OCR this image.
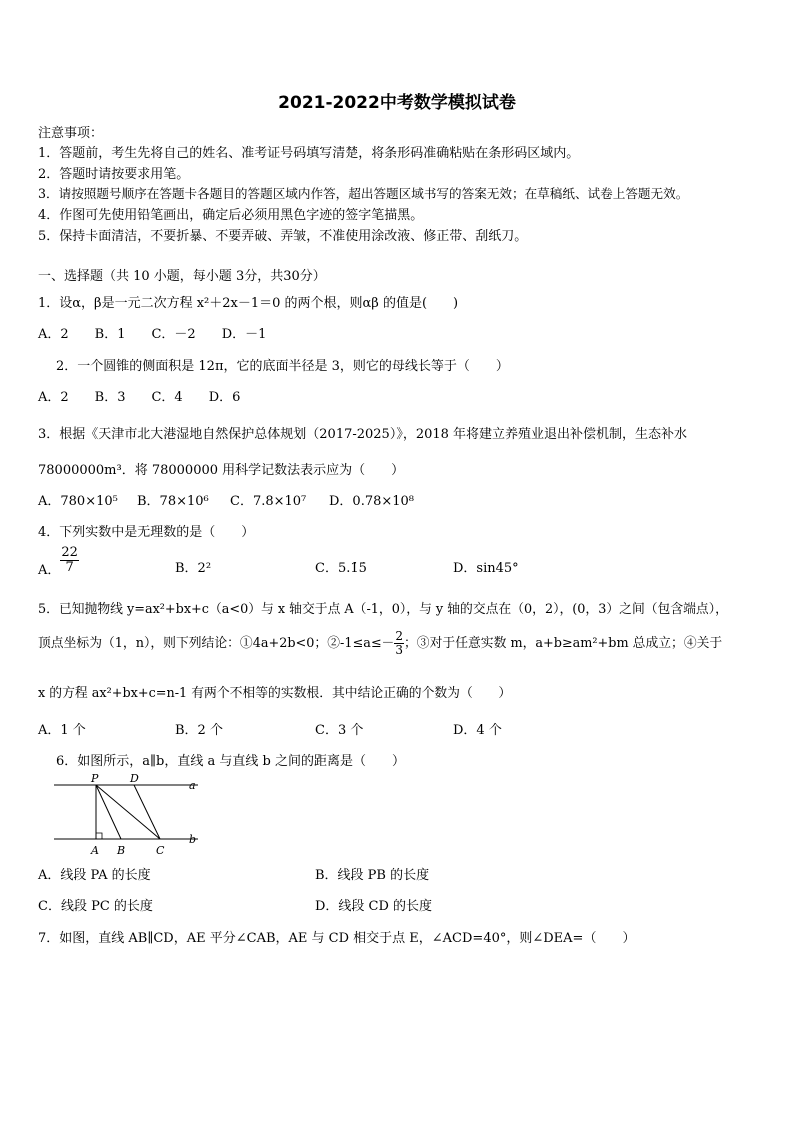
2021-2022中考数学模拟试卷
注意事项：
1．答题前，考生先将自己的姓名、准考证号码填写清楚，将条形码准确粘贴在条形码区域内。
2．答题时请按要求用笔。
3．请按照题号顺序在答题卡各题目的答题区域内作答，超出答题区域书写的答案无效；在草稿纸、试卷上答题无效。
4．作图可先使用铅笔画出，确定后必须用黑色字迹的签字笔描黑。
5．保持卡面清洁，不要折暴、不要弄破、弄皱，不准使用涂改液、修正带、刮纸刀。
一、选择题（共 10 小题，每小题 3分，共30分）
1．设α，β是一元二次方程 x²＋2x－1＝0 的两个根，则αβ 的值是(　　)
A．2　　B．1　　C．－2　　D．－1
2．一个圆锥的侧面积是 12π，它的底面半径是 3，则它的母线长等于（　　）
A．2　　B．3　　C．4　　D．6
3．根据《天津市北大港湿地自然保护总体规划（2017-2025）》，2018 年将建立养殖业退出补偿机制，生态补水
78000000m³．将 78000000 用科学记数法表示应为（　　）
A．780×10⁵ B．78×10⁶ C．7.8×10⁷ D．0.78×10⁸
4．下列实数中是无理数的是（　　）
A． $\frac{22}{7}$	B．2²	C．5.1̇5̇	D．sin45°
5．已知抛物线 y=ax²+bx+c（a<0）与 x 轴交于点 A（-1，0），与 y 轴的交点在（0，2），(0，3）之间（包含端点），
顶点坐标为（1，n），则下列结论：①4a+2b<0；②-1≤a≤－ $\frac{2}{3}$ ；③对于任意实数 m，a+b≥am²+bm 总成立；④关于
x 的方程 ax²+bx+c=n-1 有两个不相等的实数根．其中结论正确的个数为（　　）
A．1 个	B．2 个	C．3 个	D．4 个
6．如图所示，a∥b，直线 a 与直线 b 之间的距离是（　　）
P	D
a
A B	C
b
A．线段 PA 的长度	B．线段 PB 的长度
C．线段 PC 的长度	D．线段 CD 的长度
7．如图，直线 AB∥CD，AE 平分∠CAB，AE 与 CD 相交于点 E，∠ACD=40°，则∠DEA=（　　）
